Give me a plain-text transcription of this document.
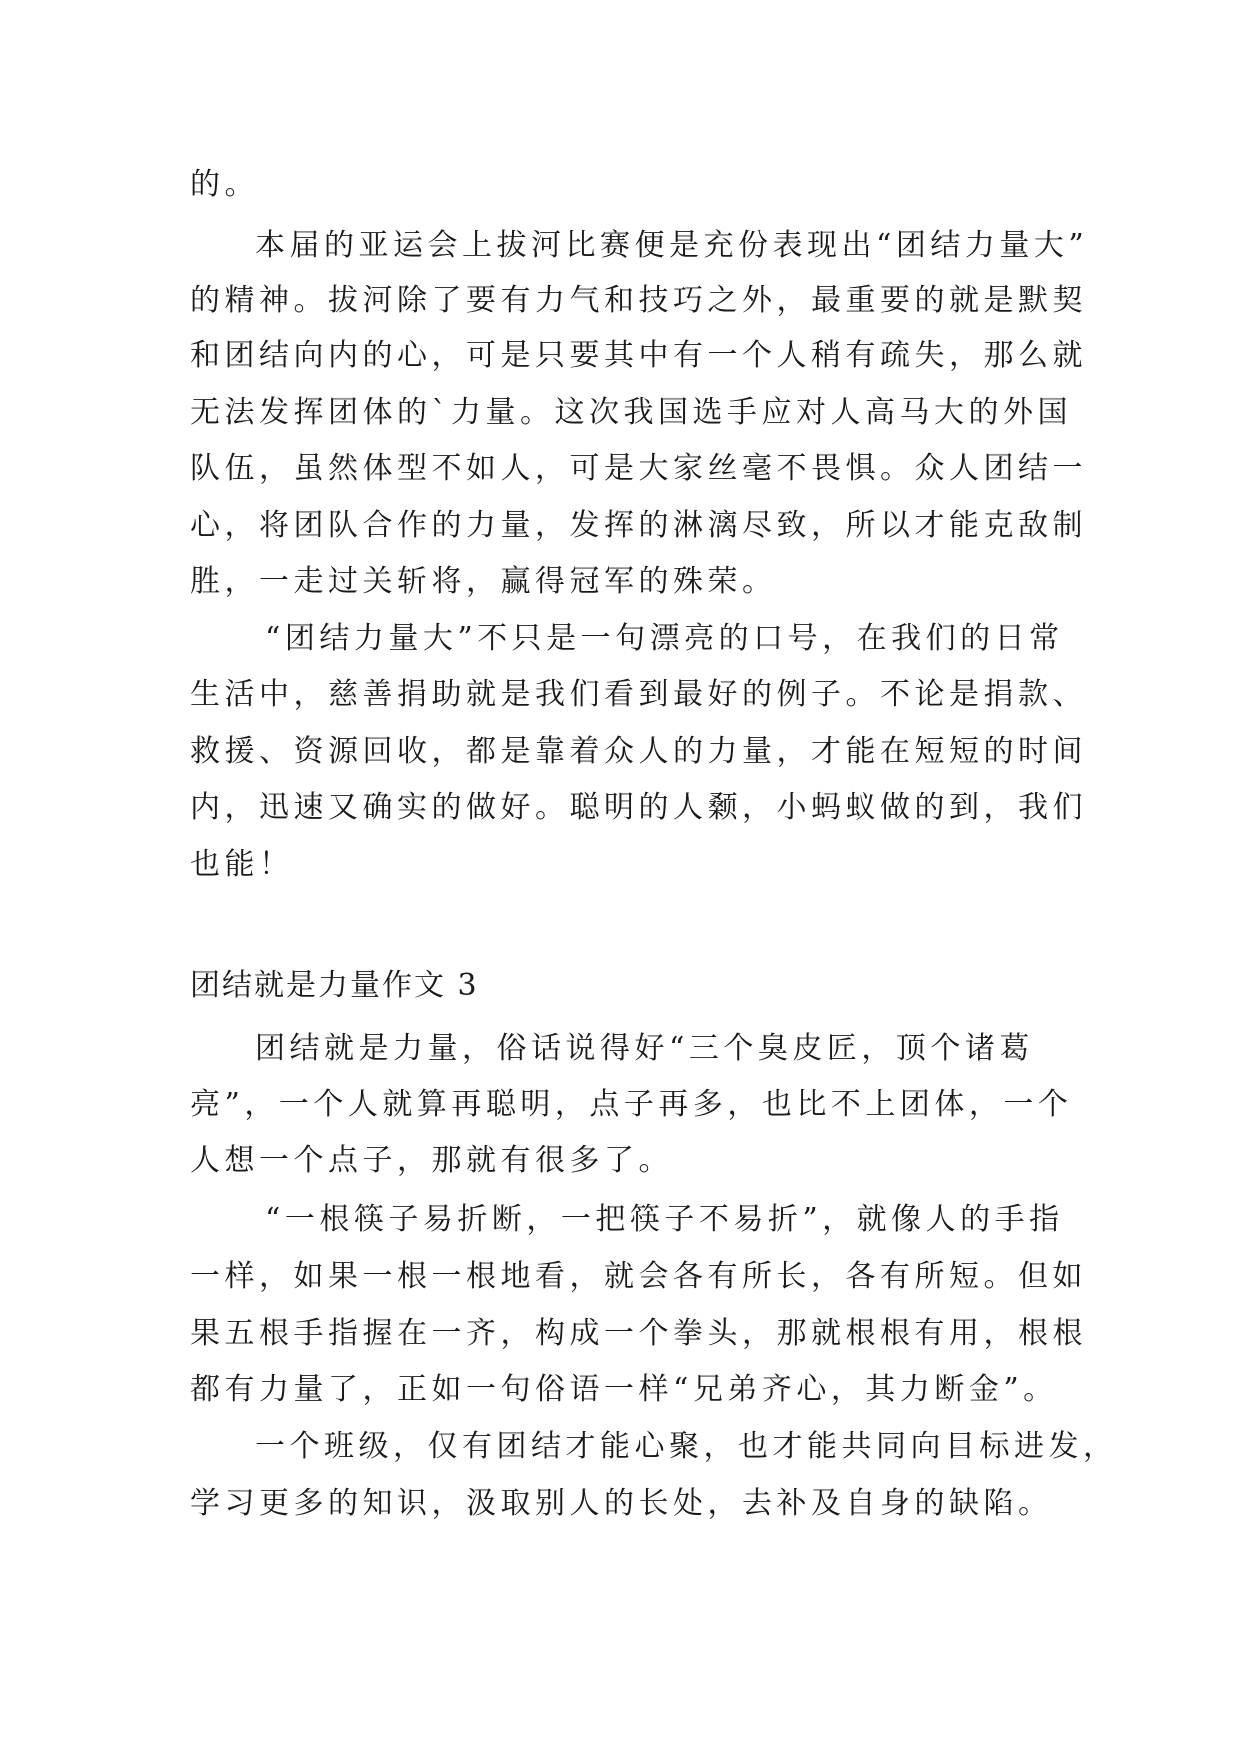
的。

本届的亚运会上拔河比赛便是充份表现出“团结力量大”

的精神。拔河除了要有力气和技巧之外，最重要的就是默契

和团结向内的心，可是只要其中有一个人稍有疏失，那么就

无法发挥团体的`力量。这次我国选手应对人高马大的外国

队伍，虽然体型不如人，可是大家丝毫不畏惧。众人团结一

心，将团队合作的力量，发挥的淋漓尽致，所以才能克敌制

胜，一走过关斩将，赢得冠军的殊荣。

“团结力量大”不只是一句漂亮的口号，在我们的日常

生活中，慈善捐助就是我们看到最好的例子。不论是捐款、

救援、资源回收，都是靠着众人的力量，才能在短短的时间

内，迅速又确实的做好。聪明的人颡，小蚂蚁做的到，我们

也能！

团结就是力量作文 3

团结就是力量，俗话说得好“三个臭皮匠，顶个诸葛

亮”，一个人就算再聪明，点子再多，也比不上团体，一个

人想一个点子，那就有很多了。

“一根筷子易折断，一把筷子不易折”，就像人的手指

一样，如果一根一根地看，就会各有所长，各有所短。但如

果五根手指握在一齐，构成一个拳头，那就根根有用，根根

都有力量了，正如一句俗语一样“兄弟齐心，其力断金”。

一个班级，仅有团结才能心聚，也才能共同向目标进发，

学习更多的知识，汲取别人的长处，去补及自身的缺陷。
